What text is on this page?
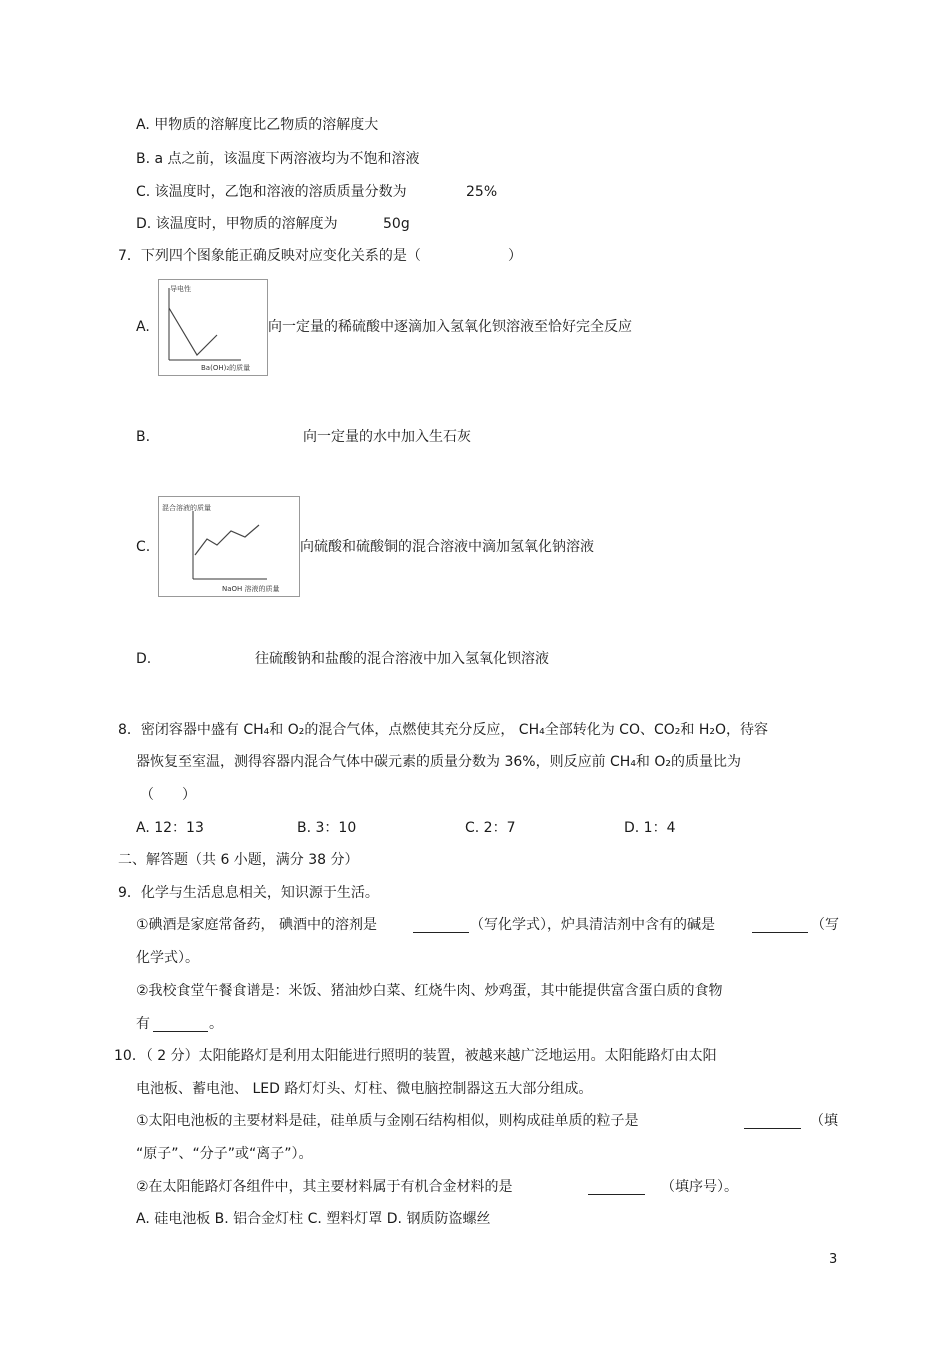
A. 甲物质的溶解度比乙物质的溶解度大
B. a 点之前，该温度下两溶液均为不饱和溶液
C. 该温度时，乙饱和溶液的溶质质量分数为	25%
D. 该温度时，甲物质的溶解度为	50g
7．下列四个图象能正确反映对应变化关系的是（	）
A.
导电性
Ba(OH)₂的质量
向一定量的稀硫酸中逐滴加入氢氧化钡溶液至恰好完全反应
B.	向一定量的水中加入生石灰
C.
混合溶液的质量
NaOH 溶液的质量
向硫酸和硫酸铜的混合溶液中滴加氢氧化钠溶液
D.	往硫酸钠和盐酸的混合溶液中加入氢氧化钡溶液
8．密闭容器中盛有 CH₄和 O₂的混合气体，点燃使其充分反应， CH₄全部转化为 CO、CO₂和 H₂O，待容
器恢复至室温，测得容器内混合气体中碳元素的质量分数为 36%，则反应前 CH₄和 O₂的质量比为
（　　）
A. 12：13	B. 3：10	C. 2：7	D. 1：4
二、解答题（共 6 小题，满分 38 分）
9．化学与生活息息相关，知识源于生活。
①碘酒是家庭常备药， 碘酒中的溶剂是	（写化学式），炉具清洁剂中含有的碱是	（写
化学式）。
②我校食堂午餐食谱是：米饭、猪油炒白菜、红烧牛肉、炒鸡蛋，其中能提供富含蛋白质的食物
有	。
10．（ 2 分）太阳能路灯是利用太阳能进行照明的装置，被越来越广泛地运用。太阳能路灯由太阳
电池板、蓄电池、 LED 路灯灯头、灯柱、微电脑控制器这五大部分组成。
①太阳电池板的主要材料是硅，硅单质与金刚石结构相似，则构成硅单质的粒子是	（填
“原子”、“分子”或“离子”）。
②在太阳能路灯各组件中，其主要材料属于有机合金材料的是	（填序号）。
A. 硅电池板 B. 铝合金灯柱 C. 塑料灯罩 D. 钢质防盗螺丝
3
